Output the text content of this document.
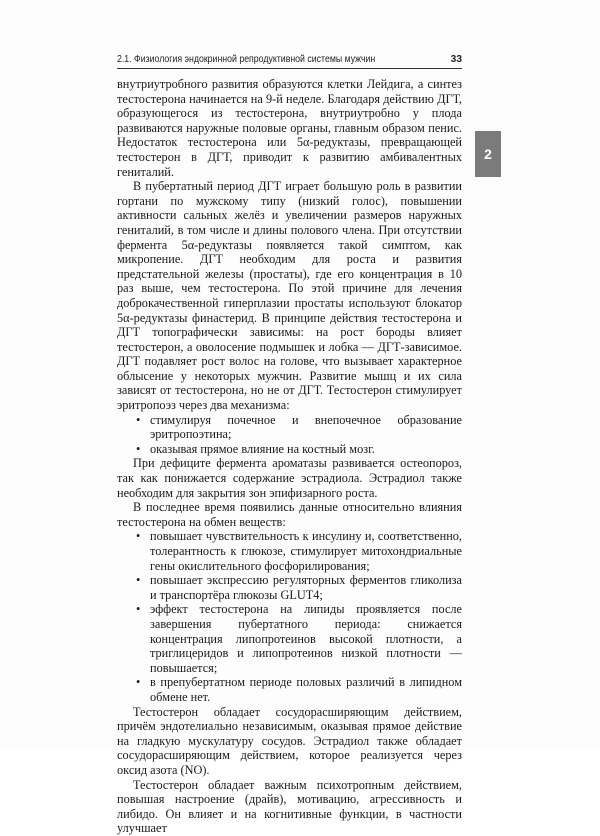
2.1. Физиология эндокринной репродуктивной системы мужчин	33
2

внутриутробного развития образуются клетки Лейдига, а синтез тестостерона начинается на 9-й неделе. Благодаря действию ДГТ, образующегося из тестостерона, внутриутробно у плода развиваются наружные половые органы, главным образом пенис. Недостаток тестостерона или 5α-редуктазы, превращающей тестостерон в ДГТ, приводит к развитию амбивалентных гениталий.

В пубертатный период ДГТ играет большую роль в развитии гортани по мужскому типу (низкий голос), повышении активности сальных желёз и увеличении размеров наружных гениталий, в том числе и длины полового члена. При отсутствии фермента 5α-редуктазы появляется такой симптом, как микропение. ДГТ необходим для роста и развития предстательной железы (простаты), где его концентрация в 10 раз выше, чем тестостерона. По этой причине для лечения доброкачественной гиперплазии простаты используют блокатор 5α-редуктазы финастерид. В принципе действия тестостерона и ДГТ топографически зависимы: на рост бороды влияет тестостерон, а оволосение подмышек и лобка — ДГТ-зависимое. ДГТ подавляет рост волос на голове, что вызывает характерное облысение у некоторых мужчин. Развитие мышц и их сила зависят от тестостерона, но не от ДГТ. Тестостерон стимулирует эритропоэз через два механизма:

• стимулируя почечное и внепочечное образование эритропоэтина;
• оказывая прямое влияние на костный мозг.

При дефиците фермента ароматазы развивается остеопороз, так как понижается содержание эстрадиола. Эстрадиол также необходим для закрытия зон эпифизарного роста.

В последнее время появились данные относительно влияния тестостерона на обмен веществ:

• повышает чувствительность к инсулину и, соответственно, толерантность к глюкозе, стимулирует митохондриальные гены окислительного фосфорилирования;
• повышает экспрессию регуляторных ферментов гликолиза и транспортёра глюкозы GLUT4;
• эффект тестостерона на липиды проявляется после завершения пубертатного периода: снижается концентрация липопротеинов высокой плотности, а триглицеридов и липопротеинов низкой плотности — повышается;
• в препубертатном периоде половых различий в липидном обмене нет.

Тестостерон обладает сосудорасширяющим действием, причём эндотелиально независимым, оказывая прямое действие на гладкую мускулатуру сосудов. Эстрадиол также обладает сосудорасширяющим действием, которое реализуется через оксид азота (NO).

Тестостерон обладает важным психотропным действием, повышая настроение (драйв), мотивацию, агрессивность и либидо. Он влияет и на когнитивные функции, в частности улучшает
